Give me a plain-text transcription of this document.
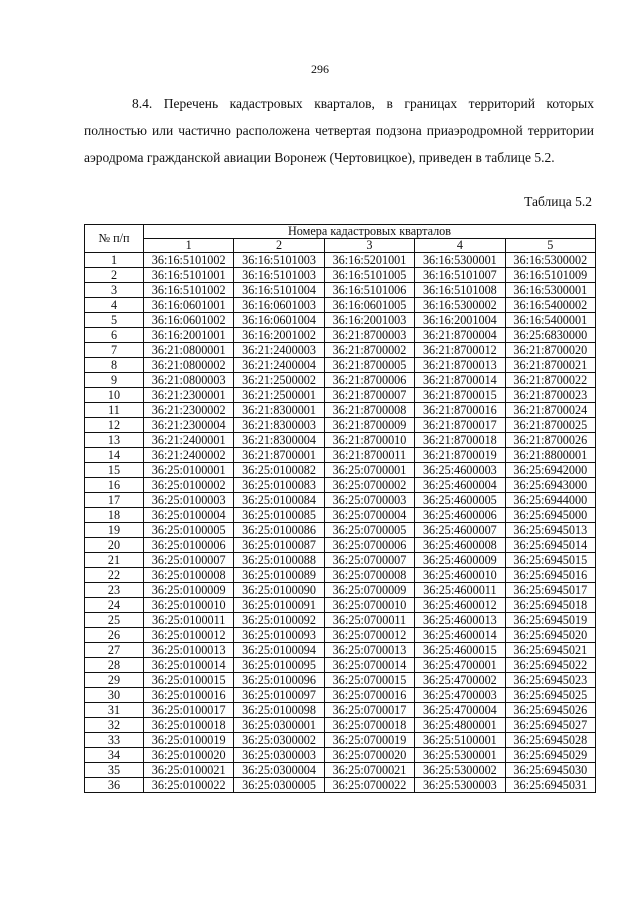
296

8.4. Перечень кадастровых кварталов, в границах территорий которых полностью или частично расположена четвертая подзона приаэродромной территории аэродрома гражданской авиации Воронеж (Чертовицкое), приведен в таблице 5.2.

Таблица 5.2
№ п/п	Номера кадастровых кварталов				
	1	2	3	4	5
1	36:16:5101002	36:16:5101003	36:16:5201001	36:16:5300001	36:16:5300002
2	36:16:5101001	36:16:5101003	36:16:5101005	36:16:5101007	36:16:5101009
3	36:16:5101002	36:16:5101004	36:16:5101006	36:16:5101008	36:16:5300001
4	36:16:0601001	36:16:0601003	36:16:0601005	36:16:5300002	36:16:5400002
5	36:16:0601002	36:16:0601004	36:16:2001003	36:16:2001004	36:16:5400001
6	36:16:2001001	36:16:2001002	36:21:8700003	36:21:8700004	36:25:6830000
7	36:21:0800001	36:21:2400003	36:21:8700002	36:21:8700012	36:21:8700020
8	36:21:0800002	36:21:2400004	36:21:8700005	36:21:8700013	36:21:8700021
9	36:21:0800003	36:21:2500002	36:21:8700006	36:21:8700014	36:21:8700022
10	36:21:2300001	36:21:2500001	36:21:8700007	36:21:8700015	36:21:8700023
11	36:21:2300002	36:21:8300001	36:21:8700008	36:21:8700016	36:21:8700024
12	36:21:2300004	36:21:8300003	36:21:8700009	36:21:8700017	36:21:8700025
13	36:21:2400001	36:21:8300004	36:21:8700010	36:21:8700018	36:21:8700026
14	36:21:2400002	36:21:8700001	36:21:8700011	36:21:8700019	36:21:8800001
15	36:25:0100001	36:25:0100082	36:25:0700001	36:25:4600003	36:25:6942000
16	36:25:0100002	36:25:0100083	36:25:0700002	36:25:4600004	36:25:6943000
17	36:25:0100003	36:25:0100084	36:25:0700003	36:25:4600005	36:25:6944000
18	36:25:0100004	36:25:0100085	36:25:0700004	36:25:4600006	36:25:6945000
19	36:25:0100005	36:25:0100086	36:25:0700005	36:25:4600007	36:25:6945013
20	36:25:0100006	36:25:0100087	36:25:0700006	36:25:4600008	36:25:6945014
21	36:25:0100007	36:25:0100088	36:25:0700007	36:25:4600009	36:25:6945015
22	36:25:0100008	36:25:0100089	36:25:0700008	36:25:4600010	36:25:6945016
23	36:25:0100009	36:25:0100090	36:25:0700009	36:25:4600011	36:25:6945017
24	36:25:0100010	36:25:0100091	36:25:0700010	36:25:4600012	36:25:6945018
25	36:25:0100011	36:25:0100092	36:25:0700011	36:25:4600013	36:25:6945019
26	36:25:0100012	36:25:0100093	36:25:0700012	36:25:4600014	36:25:6945020
27	36:25:0100013	36:25:0100094	36:25:0700013	36:25:4600015	36:25:6945021
28	36:25:0100014	36:25:0100095	36:25:0700014	36:25:4700001	36:25:6945022
29	36:25:0100015	36:25:0100096	36:25:0700015	36:25:4700002	36:25:6945023
30	36:25:0100016	36:25:0100097	36:25:0700016	36:25:4700003	36:25:6945025
31	36:25:0100017	36:25:0100098	36:25:0700017	36:25:4700004	36:25:6945026
32	36:25:0100018	36:25:0300001	36:25:0700018	36:25:4800001	36:25:6945027
33	36:25:0100019	36:25:0300002	36:25:0700019	36:25:5100001	36:25:6945028
34	36:25:0100020	36:25:0300003	36:25:0700020	36:25:5300001	36:25:6945029
35	36:25:0100021	36:25:0300004	36:25:0700021	36:25:5300002	36:25:6945030
36	36:25:0100022	36:25:0300005	36:25:0700022	36:25:5300003	36:25:6945031
